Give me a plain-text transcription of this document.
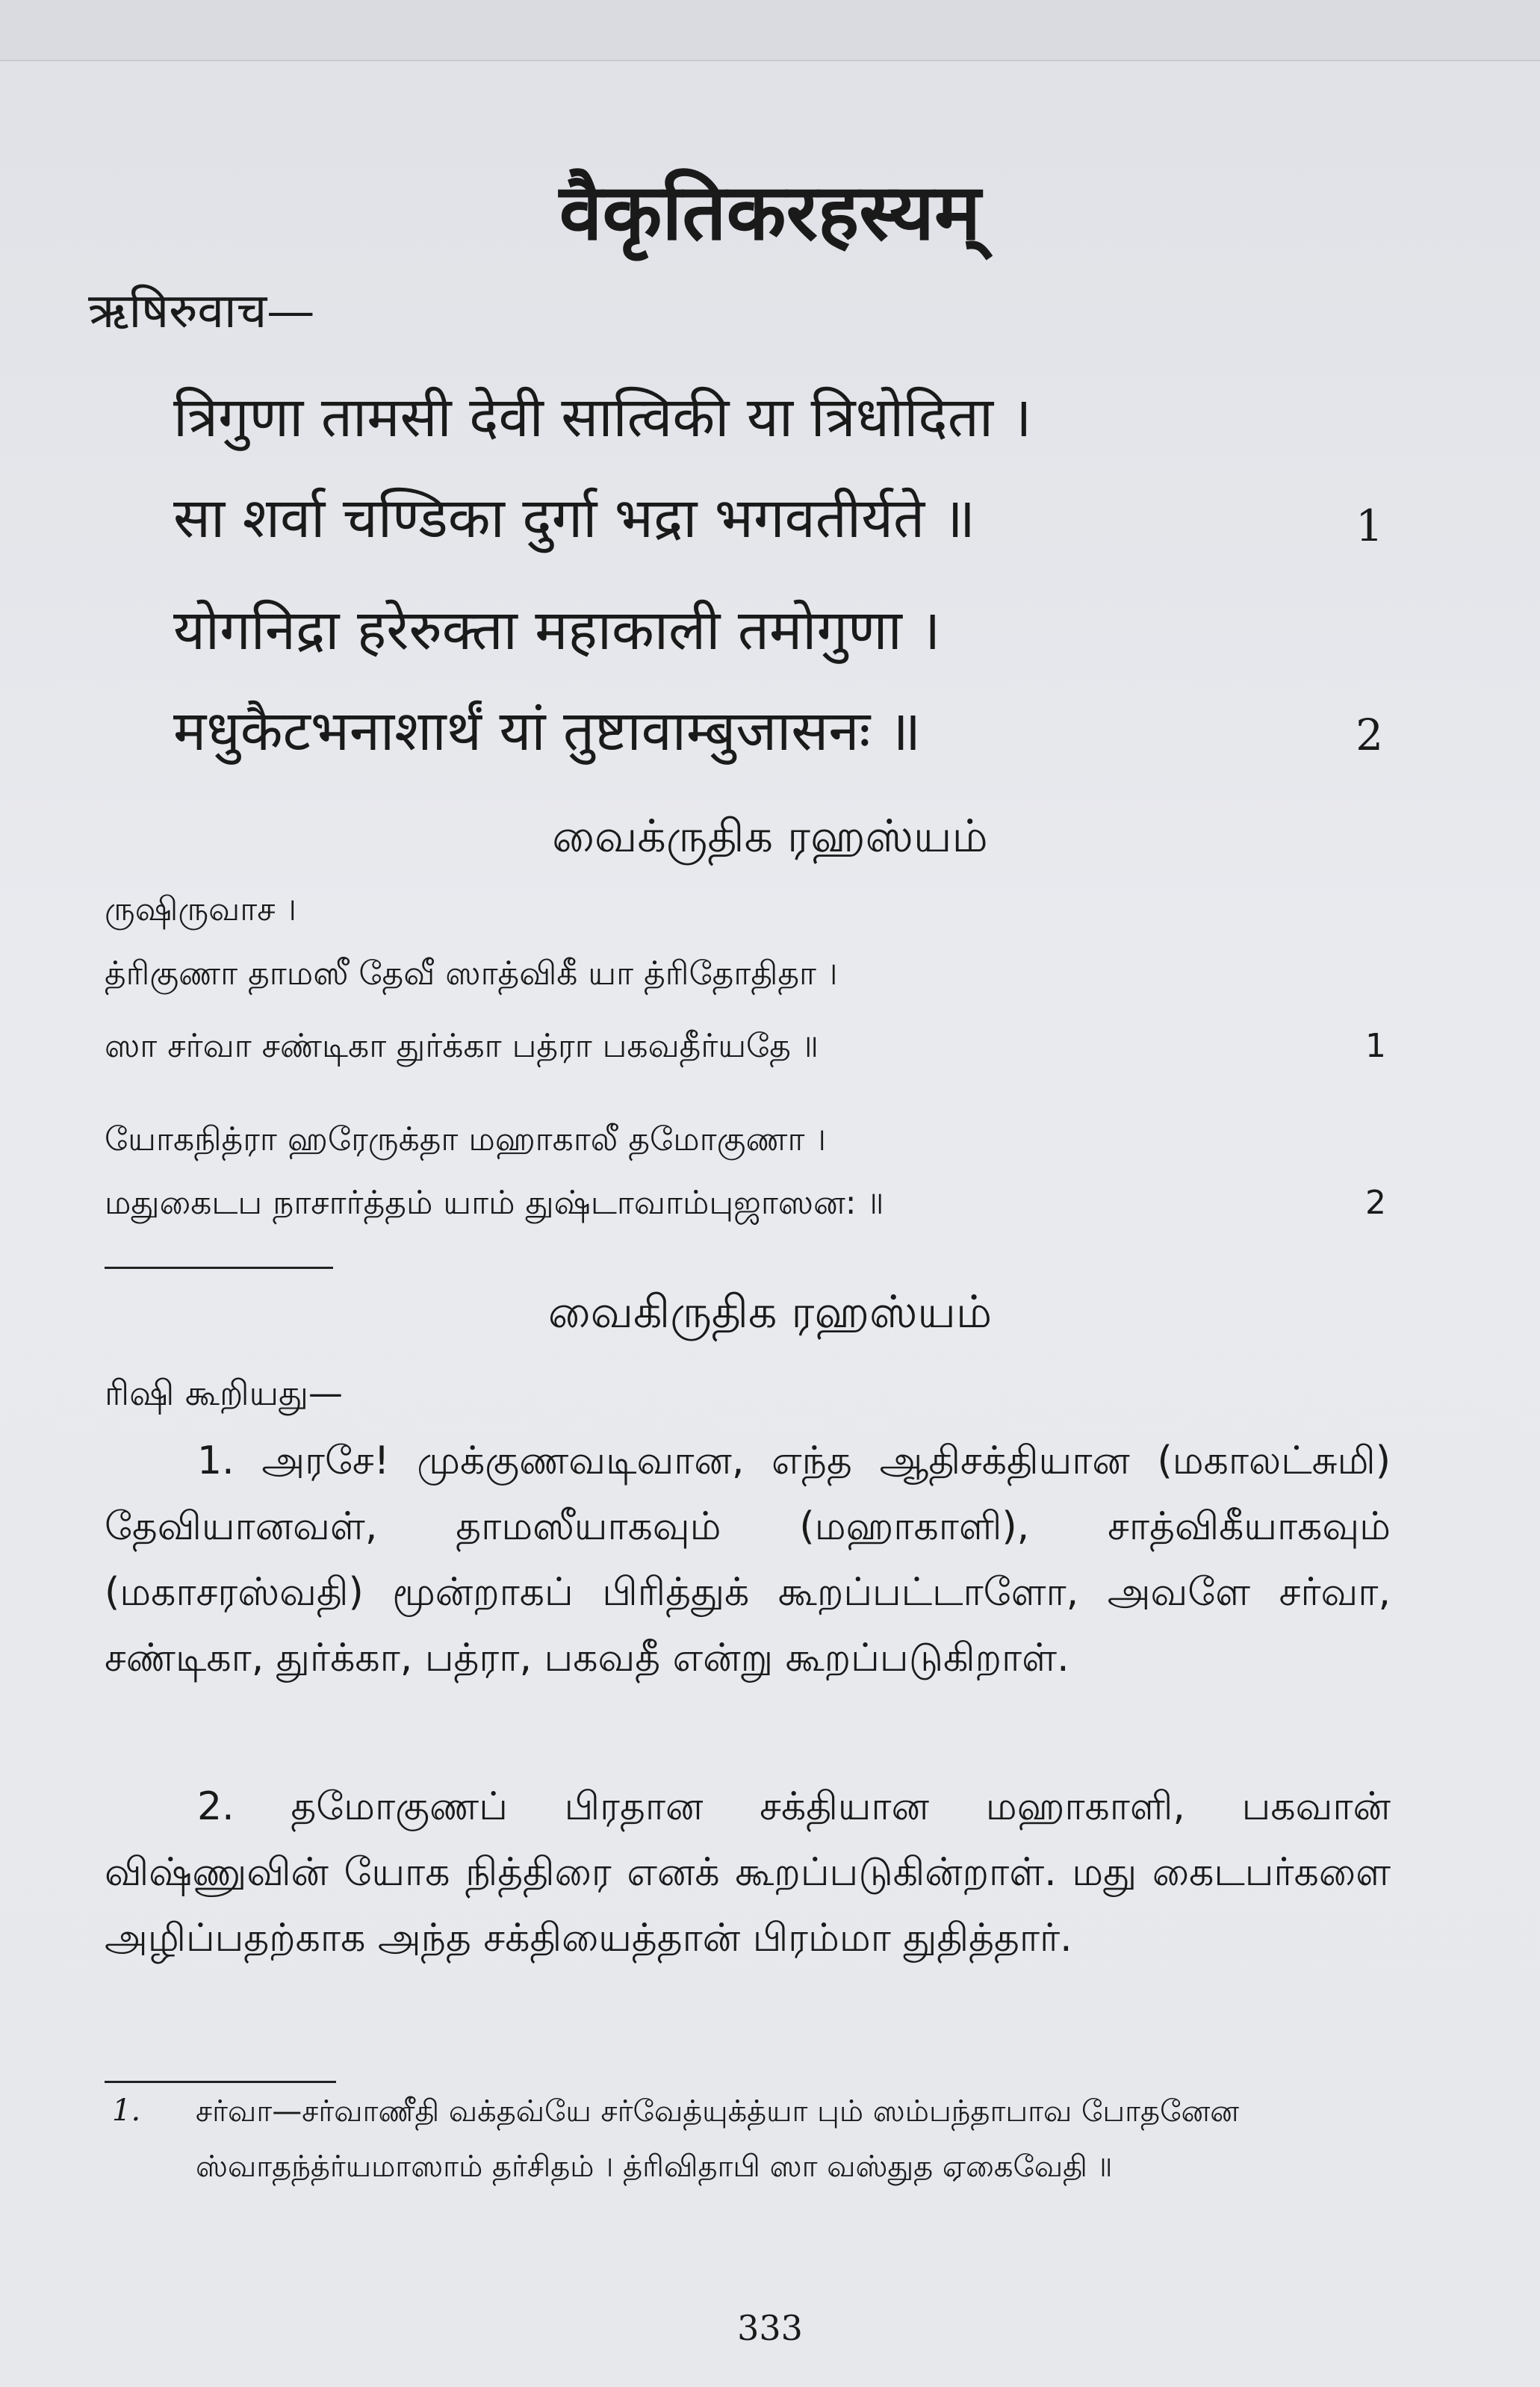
वैकृतिकरहस्यम्
ऋषिरुवाच—
त्रिगुणा तामसी देवी सात्विकी या त्रिधोदिता ।
सा शर्वा चण्डिका दुर्गा भद्रा भगवतीर्यते ॥	1
योगनिद्रा हरेरुक्ता महाकाली तमोगुणा ।
मधुकैटभनाशार्थं यां तुष्टावाम्बुजासनः ॥	2
வைக்ருதிக ரஹஸ்யம்
ருஷிருவாச ।
த்ரிகுணா தாமஸீ தேவீ ஸாத்விகீ யா த்ரிதோதிதா ।
ஸா சர்வா சண்டிகா துர்க்கா பத்ரா பகவதீர்யதே ॥	1
யோகநித்ரா ஹரேருக்தா மஹாகாலீ தமோகுணா ।
மதுகைடப நாசார்த்தம் யாம் துஷ்டாவாம்புஜாஸன: ॥	2
வைகிருதிக ரஹஸ்யம்
ரிஷி கூறியது—
1. அரசே! முக்குணவடிவான, எந்த ஆதிசக்தியான (மகாலட்சுமி) தேவியானவள், தாமஸீயாகவும் (மஹாகாளி), சாத்விகீயாகவும் (மகாசரஸ்வதி) மூன்றாகப் பிரித்துக் கூறப்பட்டாளோ, அவளே சர்வா, சண்டிகா, துர்க்கா, பத்ரா, பகவதீ என்று கூறப்படுகிறாள்.
2. தமோகுணப் பிரதான சக்தியான மஹாகாளி, பகவான் விஷ்ணுவின் யோக நித்திரை எனக் கூறப்படுகின்றாள். மது கைடபர்களை அழிப்பதற்காக அந்த சக்தியைத்தான் பிரம்மா துதித்தார்.
1. சர்வா—சர்வாணீதி வக்தவ்யே சர்வேத்யுக்த்யா பும் ஸம்பந்தாபாவ போதனேன ஸ்வாதந்த்ர்யமாஸாம் தர்சிதம் । த்ரிவிதாபி ஸா வஸ்துத ஏகைவேதி ॥
333
